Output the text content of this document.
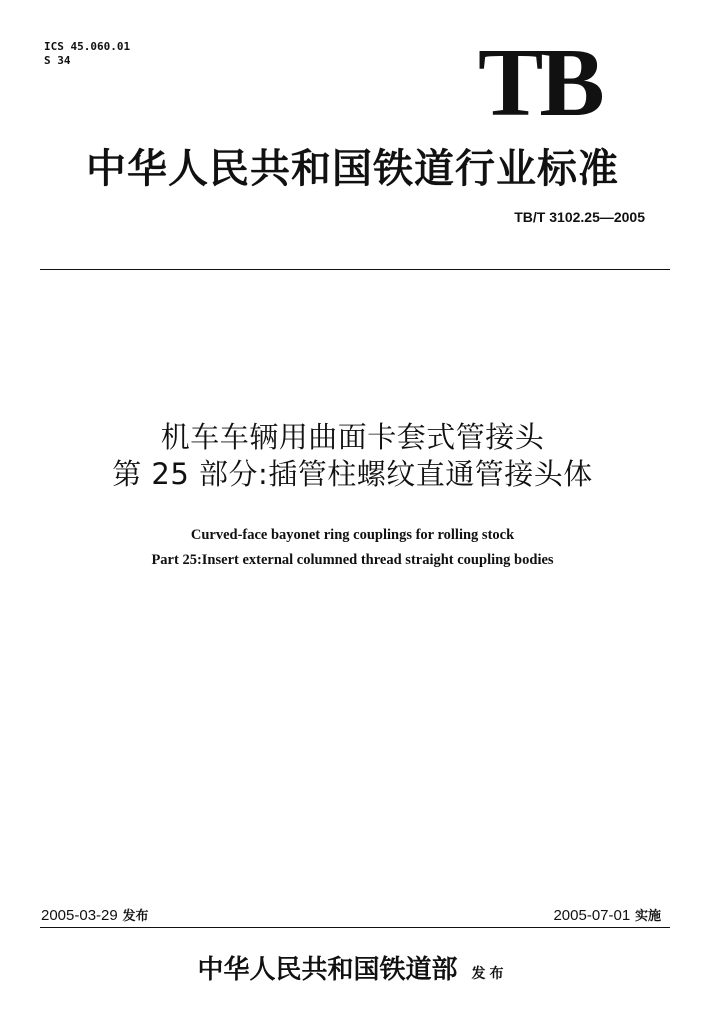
ICS 45.060.01
S 34	TB
中华人民共和国铁道行业标准
TB/T 3102.25—2005
机车车辆用曲面卡套式管接头
第 25 部分:插管柱螺纹直通管接头体
Curved-face bayonet ring couplings for rolling stock
Part 25:Insert external columned thread straight coupling bodies
2005-03-29 发布	2005-07-01 实施
中华人民共和国铁道部 发布
